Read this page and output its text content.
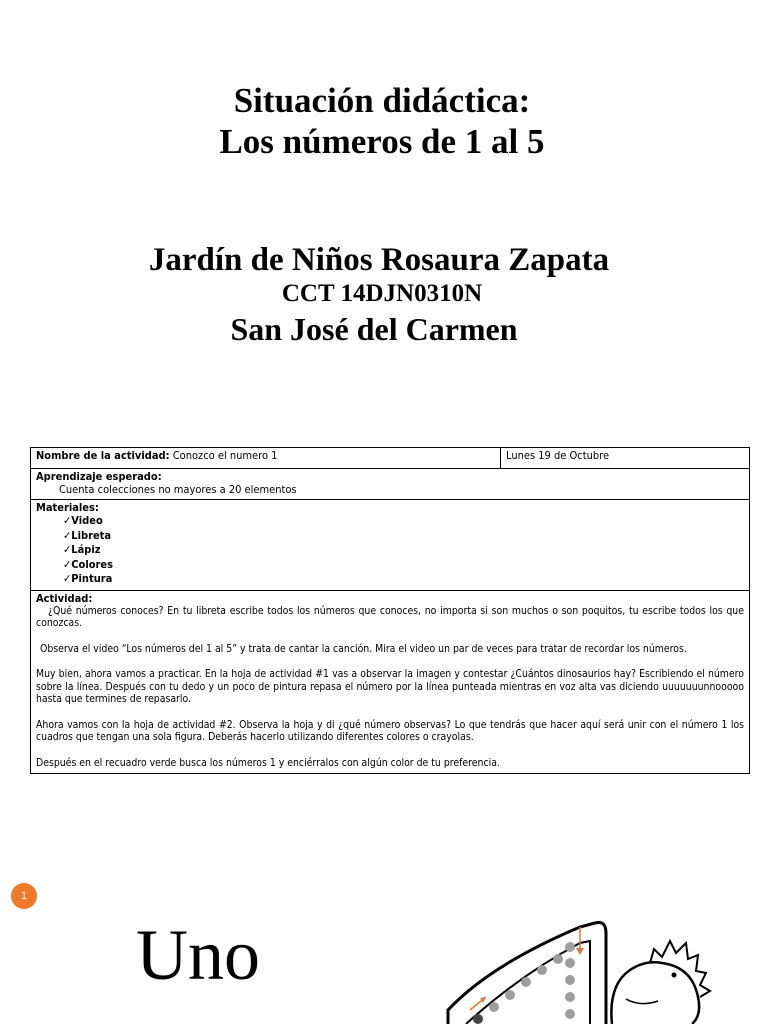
Situación didáctica:
Los números de 1 al 5
Jardín de Niños Rosaura Zapata
CCT 14DJN0310N
San José del Carmen
Nombre de la actividad: Conozco el numero 1	Lunes 19 de Octubre

Aprendizaje esperado:
Cuenta colecciones no mayores a 20 elementos

Materiales:
✓Video
✓Libreta
✓Lápiz
✓Colores
✓Pintura

Actividad:

¿Qué números conoces? En tu libreta escribe todos los números que conoces, no importa si son muchos o son poquitos, tu escribe todos los que conozcas.

Observa el video “Los números del 1 al 5” y trata de cantar la canción. Mira el video un par de veces para tratar de recordar los números.

Muy bien, ahora vamos a practicar. En la hoja de actividad #1 vas a observar la imagen y contestar ¿Cuántos dinosaurios hay? Escribiendo el número sobre la línea. Después con tu dedo y un poco de pintura repasa el número por la línea punteada mientras en voz alta vas diciendo uuuuuuunnooooo hasta que termines de repasarlo.

Ahora vamos con la hoja de actividad #2. Observa la hoja y di ¿qué número observas? Lo que tendrás que hacer aquí será unir con el número 1 los cuadros que tengan una sola figura. Deberás hacerlo utilizando diferentes colores o crayolas.

Después en el recuadro verde busca los números 1 y enciérralos con algún color de tu preferencia.

1
Uno
